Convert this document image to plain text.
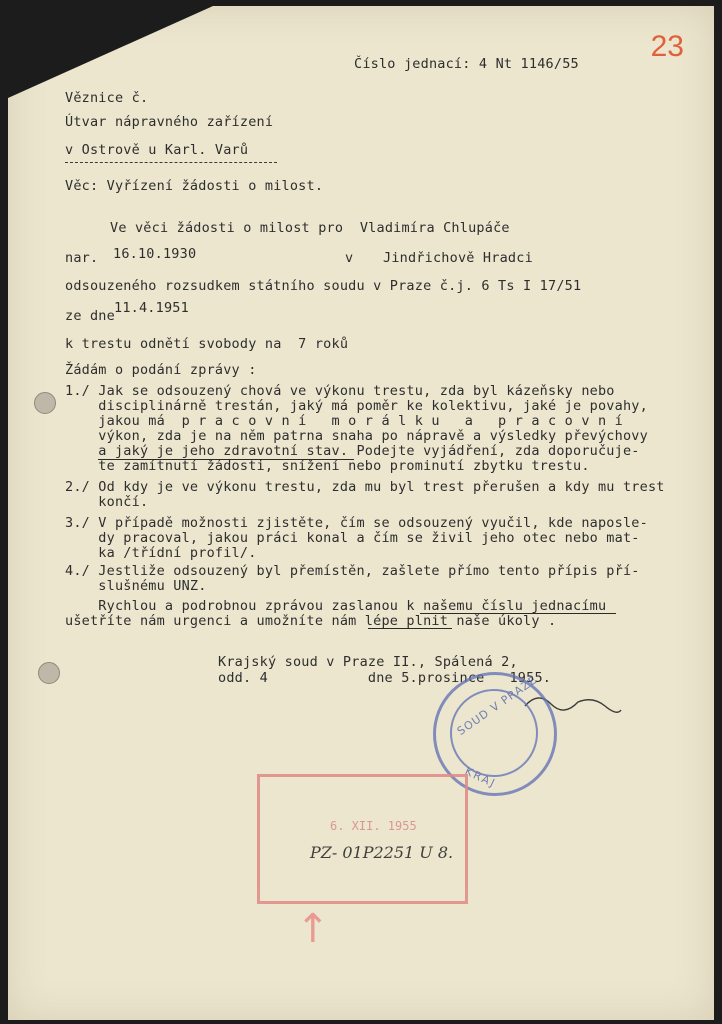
23
Číslo jednací: 4 Nt 1146/55
Věznice č.
Útvar nápravného zařízení
v Ostrově u Karl. Varů
Věc: Vyřízení žádosti o milost.
Ve věci žádosti o milost pro  Vladimíra Chlupáče
nar. 16.10.1930	v Jindřichově Hradci
odsouzeného rozsudkem státního soudu v Praze č.j. 6 Ts I 17/51
ze dne 11.4.1951
k trestu odnětí svobody na  7 roků
Žádám o podání zprávy :
1./ Jak se odsouzený chová ve výkonu trestu, zda byl kázeňsky nebo
disciplinárně trestán, jaký má poměr ke kolektivu, jaké je povahy,
jakou má  p r a c o v n í   m o r á l k u   a   p r a c o v n í
výkon, zda je na něm patrna snaha po nápravě a výsledky převýchovy
a jaký je jeho zdravotní stav. Podejte vyjádření, zda doporučuje-
te zamítnutí žádosti, snížení nebo prominutí zbytku trestu.
2./ Od kdy je ve výkonu trestu, zda mu byl trest přerušen a kdy mu trest
končí.
3./ V případě možnosti zjistěte, čím se odsouzený vyučil, kde naposle-
dy pracoval, jakou práci konal a čím se živil jeho otec nebo mat-
ka /třídní profil/.
4./ Jestliže odsouzený byl přemístěn, zašlete přímo tento přípis pří-
slušnému UNZ.
Rychlou a podrobnou zprávou zaslanou k našemu číslu jednacímu
ušetříte nám urgenci a umožníte nám lépe plnit naše úkoly .
Krajský soud v Praze II., Spálená 2,
odd. 4            dne 5.prosince   1955.
SOUD V PRAZE
KRAJ
6. XII. 1955
PZ- 01P2251 U 8.
↑
